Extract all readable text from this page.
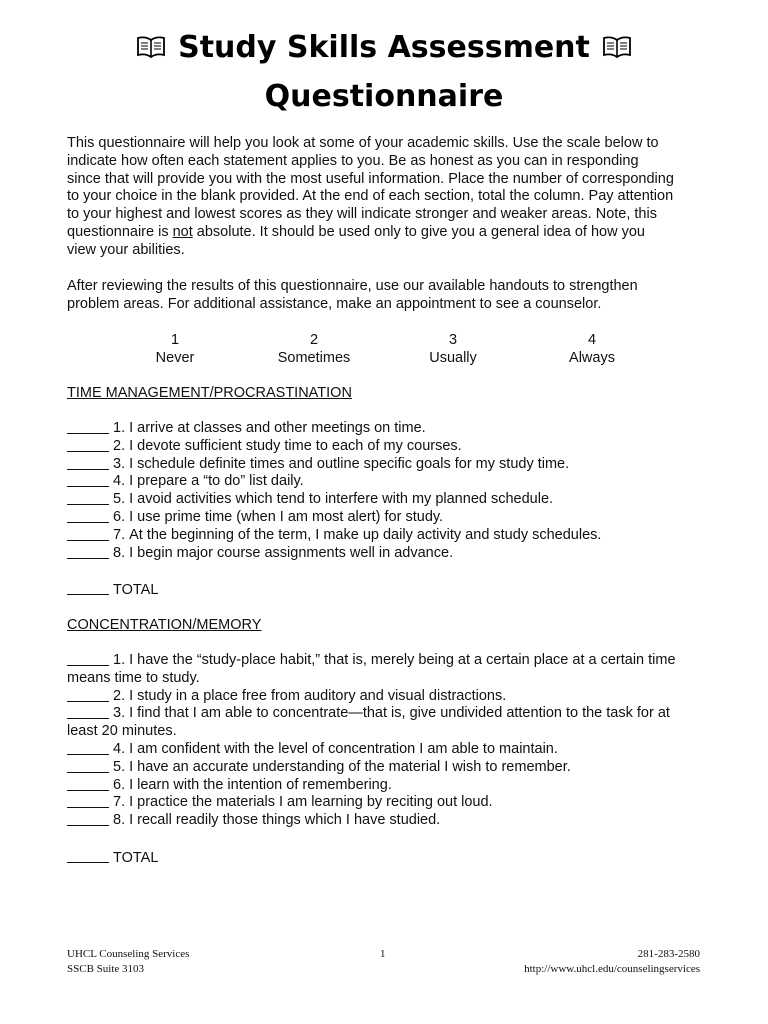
Study Skills Assessment
Questionnaire
This questionnaire will help you look at some of your academic skills. Use the scale below to
indicate how often each statement applies to you. Be as honest as you can in responding
since that will provide you with the most useful information. Place the number of corresponding
to your choice in the blank provided. At the end of each section, total the column. Pay attention
to your highest and lowest scores as they will indicate stronger and weaker areas. Note, this
questionnaire is not absolute. It should be used only to give you a general idea of how you
view your abilities.
After reviewing the results of this questionnaire, use our available handouts to strengthen
problem areas. For additional assistance, make an appointment to see a counselor.
1
Never
2
Sometimes
3
Usually
4
Always
TIME MANAGEMENT/PROCRASTINATION
1. I arrive at classes and other meetings on time.
2. I devote sufficient study time to each of my courses.
3. I schedule definite times and outline specific goals for my study time.
4. I prepare a “to do” list daily.
5. I avoid activities which tend to interfere with my planned schedule.
6. I use prime time (when I am most alert) for study.
7. At the beginning of the term, I make up daily activity and study schedules.
8. I begin major course assignments well in advance.
TOTAL
CONCENTRATION/MEMORY
1. I have the “study-place habit,” that is, merely being at a certain place at a certain time
means time to study.
2. I study in a place free from auditory and visual distractions.
3. I find that I am able to concentrate—that is, give undivided attention to the task for at
least 20 minutes.
4. I am confident with the level of concentration I am able to maintain.
5. I have an accurate understanding of the material I wish to remember.
6. I learn with the intention of remembering.
7. I practice the materials I am learning by reciting out loud.
8. I recall readily those things which I have studied.
TOTAL
UHCL Counseling Services
SSCB Suite 3103
1	281-283-2580
http://www.uhcl.edu/counselingservices
